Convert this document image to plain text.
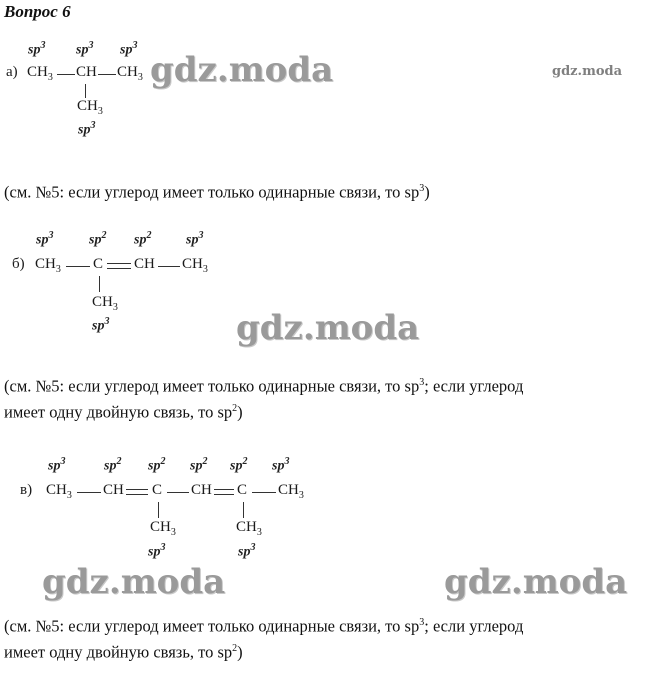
Вопрос 6
$sp^3$ $sp^3$ $sp^3$
а) $CH_3$ CH $CH_3$
$CH_3$
$sp^3$
gdz.moda	gdz.moda
(см. №5: если углерод имеет только одинарные связи, то $sp^3$)
$sp^3$	$sp^2$ $sp^2$ $sp^3$
б) $CH_3$ C CH $CH_3$
$CH_3$
$sp^3$	gdz.moda
(см. №5: если углерод имеет только одинарные связи, то $sp^3$; если углерод
имеет одну двойную связь, то $sp^2$)
$sp^3$	$sp^2$ $sp^2$ $sp^2$ $sp^2$ $sp^3$
в) $CH_3$ CH C CH C $CH_3$
$CH_3$
$sp^3$
$CH_3$
$sp^3$
gdz.moda	gdz.moda
(см. №5: если углерод имеет только одинарные связи, то $sp^3$; если углерод
имеет одну двойную связь, то $sp^2$)
